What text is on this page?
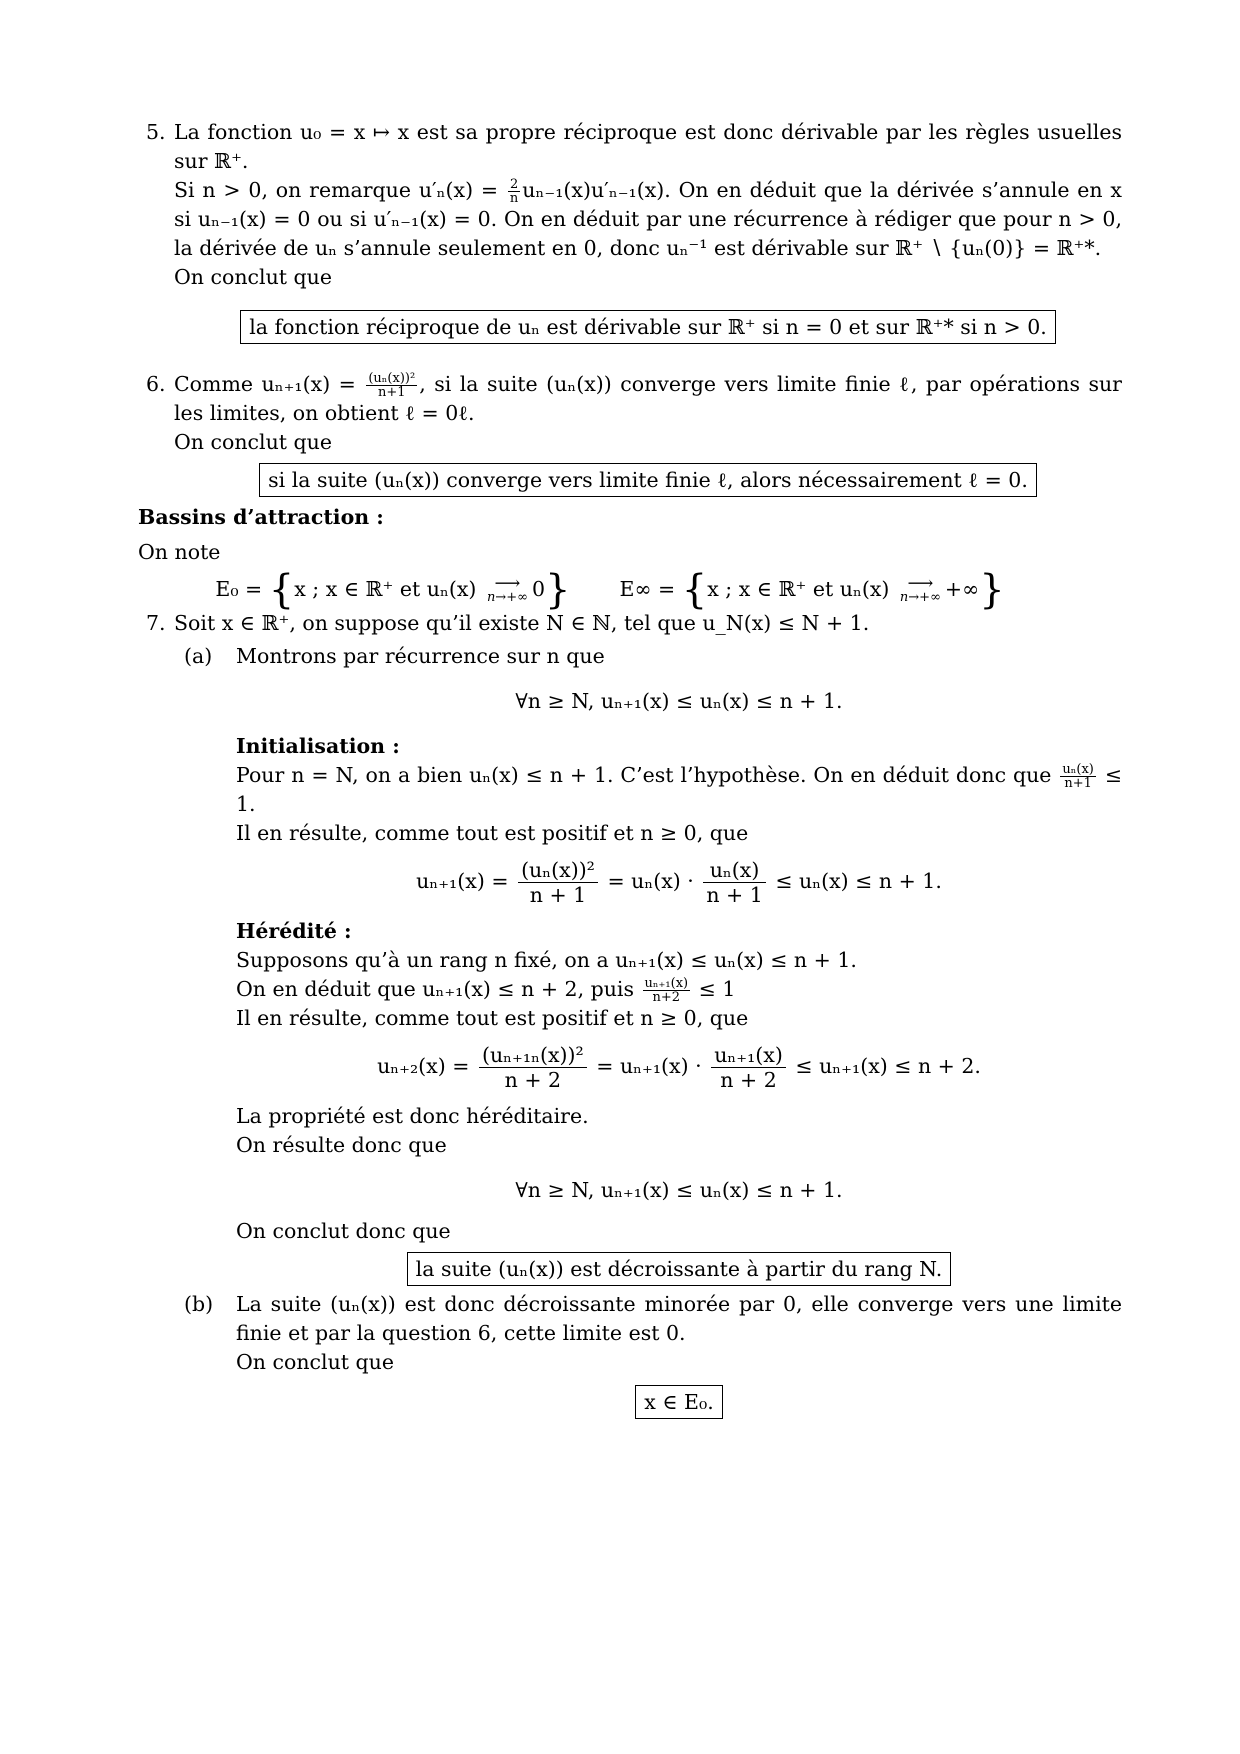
5. La fonction u₀ = x ↦ x est sa propre réciproque est donc dérivable par les règles usuelles sur ℝ⁺.

Si n > 0, on remarque $u'_n(x) = \frac{2}{n} u_{n-1}(x)u'_{n-1}(x)$. On en déduit que la dérivée s’annule en x si uₙ₋₁(x) = 0 ou si u′ₙ₋₁(x) = 0. On en déduit par une récurrence à rédiger que pour n > 0, la dérivée de uₙ s’annule seulement en 0, donc uₙ⁻¹ est dérivable sur ℝ⁺ ∖ {uₙ(0)} = ℝ⁺*.

On conclut que

la fonction réciproque de uₙ est dérivable sur ℝ⁺ si n = 0 et sur ℝ⁺* si n > 0.
6. Comme $u_{n+1}(x) = \frac{\text{(uₙ(x))²}}{n+1}$ , si la suite (uₙ(x)) converge vers limite finie ℓ, par opérations sur les limites, on obtient ℓ = 0ℓ.

On conclut que

si la suite (uₙ(x)) converge vers limite finie ℓ, alors nécessairement ℓ = 0.

Bassins d’attraction :

On note

E₀ = {x ; x ∈ ℝ⁺ et uₙ(x)	⟶
n→+∞ 0} E∞ = {x ; x ∈ ℝ⁺ et uₙ(x)	⟶
n→+∞ +∞}
7. Soit x ∈ ℝ⁺, on suppose qu’il existe N ∈ ℕ, tel que u_N(x) ≤ N + 1.

(a) Montrons par récurrence sur n que

∀n ≥ N, uₙ₊₁(x) ≤ uₙ(x) ≤ n + 1.

Initialisation :

Pour n = N, on a bien uₙ(x) ≤ n + 1. C’est l’hypothèse. On en déduit donc que $\frac{\text{uₙ(x)}}{n+1} \le 1$.

Il en résulte, comme tout est positif et n ≥ 0, que

$u_{n+1}(x) = \frac{\text{(uₙ(x))²}}{n + 1} = u_n(x) \cdot \frac{\text{uₙ(x)}}{n + 1} \le u_n(x) \le n + 1$.

Hérédité :

Supposons qu’à un rang n fixé, on a uₙ₊₁(x) ≤ uₙ(x) ≤ n + 1.

On en déduit que uₙ₊₁(x) ≤ n + 2, puis $\frac{\text{uₙ₊₁(x)}}{n+2} \le 1$

Il en résulte, comme tout est positif et n ≥ 0, que

$u_{n+2}(x) = \frac{\text{(uₙ₊₁ₙ(x))²}}{n + 2} = u_{n+1}(x) \cdot \frac{\text{uₙ₊₁(x)}}{n + 2} \le u_{n+1}(x) \le n + 2$.

La propriété est donc héréditaire.

On résulte donc que

∀n ≥ N, uₙ₊₁(x) ≤ uₙ(x) ≤ n + 1.

On conclut donc que

la suite (uₙ(x)) est décroissante à partir du rang N.
(b) La suite (uₙ(x)) est donc décroissante minorée par 0, elle converge vers une limite finie et par la question 6, cette limite est 0.

On conclut que

x ∈ E₀.
